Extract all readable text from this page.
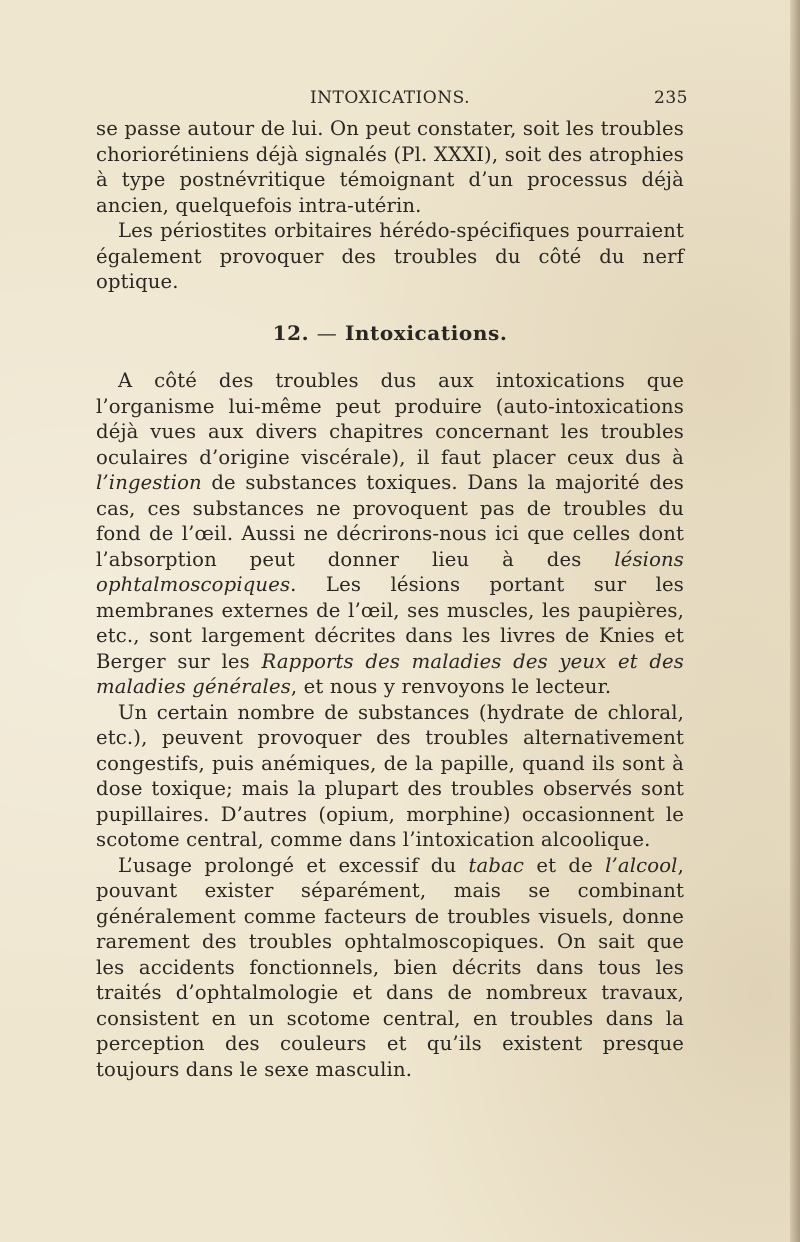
INTOXICATIONS.	235

se passe autour de lui. On peut constater, soit les troubles choriorétiniens déjà signalés (Pl. XXXI), soit des atrophies à type postnévritique témoignant d’un processus déjà ancien, quelquefois intra-utérin.

Les périostites orbitaires hérédo-spécifiques pourraient également provoquer des troubles du côté du nerf optique.

12. — Intoxications.

A côté des troubles dus aux intoxications que l’organisme lui-même peut produire (auto-intoxications déjà vues aux divers chapitres concernant les troubles oculaires d’origine viscérale), il faut placer ceux dus à l’ingestion de substances toxiques. Dans la majorité des cas, ces substances ne provoquent pas de troubles du fond de l’œil. Aussi ne décrirons-nous ici que celles dont l’absorption peut donner lieu à des lésions ophtalmoscopiques. Les lésions portant sur les membranes externes de l’œil, ses muscles, les paupières, etc., sont largement décrites dans les livres de Knies et Berger sur les Rapports des maladies des yeux et des maladies générales, et nous y renvoyons le lecteur.

Un certain nombre de substances (hydrate de chloral, etc.), peuvent provoquer des troubles alternativement congestifs, puis anémiques, de la papille, quand ils sont à dose toxique; mais la plupart des troubles observés sont pupillaires. D’autres (opium, morphine) occasionnent le scotome central, comme dans l’intoxication alcoolique.

L’usage prolongé et excessif du tabac et de l’alcool, pouvant exister séparément, mais se combinant généralement comme facteurs de troubles visuels, donne rarement des troubles ophtalmoscopiques. On sait que les accidents fonctionnels, bien décrits dans tous les traités d’ophtalmologie et dans de nombreux travaux, consistent en un scotome central, en troubles dans la perception des couleurs et qu’ils existent presque toujours dans le sexe masculin.
